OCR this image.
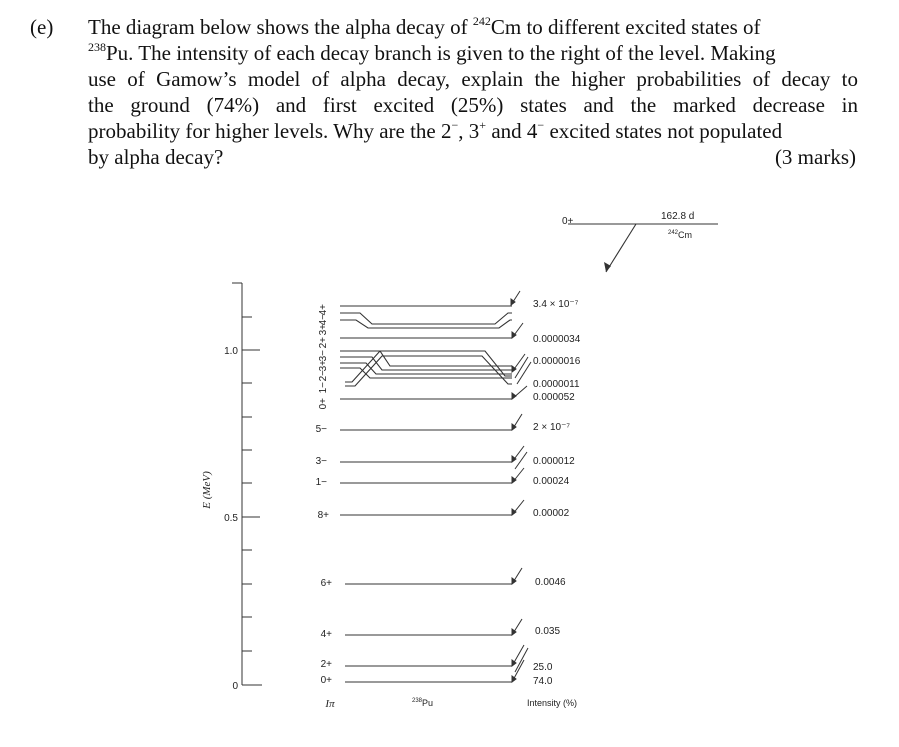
(e) The diagram below shows the alpha decay of $^{242}$Cm to different excited states of
$^{238}$Pu. The intensity of each decay branch is given to the right of the level. Making
use of Gamow’s model of alpha decay, explain the higher probabilities of decay to
the ground (74%) and first excited (25%) states and the marked decrease in
probability for higher levels. Why are the 2−, 3+ and 4− excited states not populated
by alpha decay?	(3 marks)
1.0
0.5
0
E (MeV)
4+
4−
3+
2+
3−
3+
2−
1−
0+
5−
3−
1−
8+
6+
4+
2+
0+
0+	162.8 d
$^{242}$Cm
3.4 × 10⁻⁷
0.0000034
0.0000016
0.0000011
0.000052
2 × 10⁻⁷
0.000012
0.00024
0.00002
0.0046
0.035
25.0
74.0
Iπ	$^{238}$Pu	Intensity (%)
